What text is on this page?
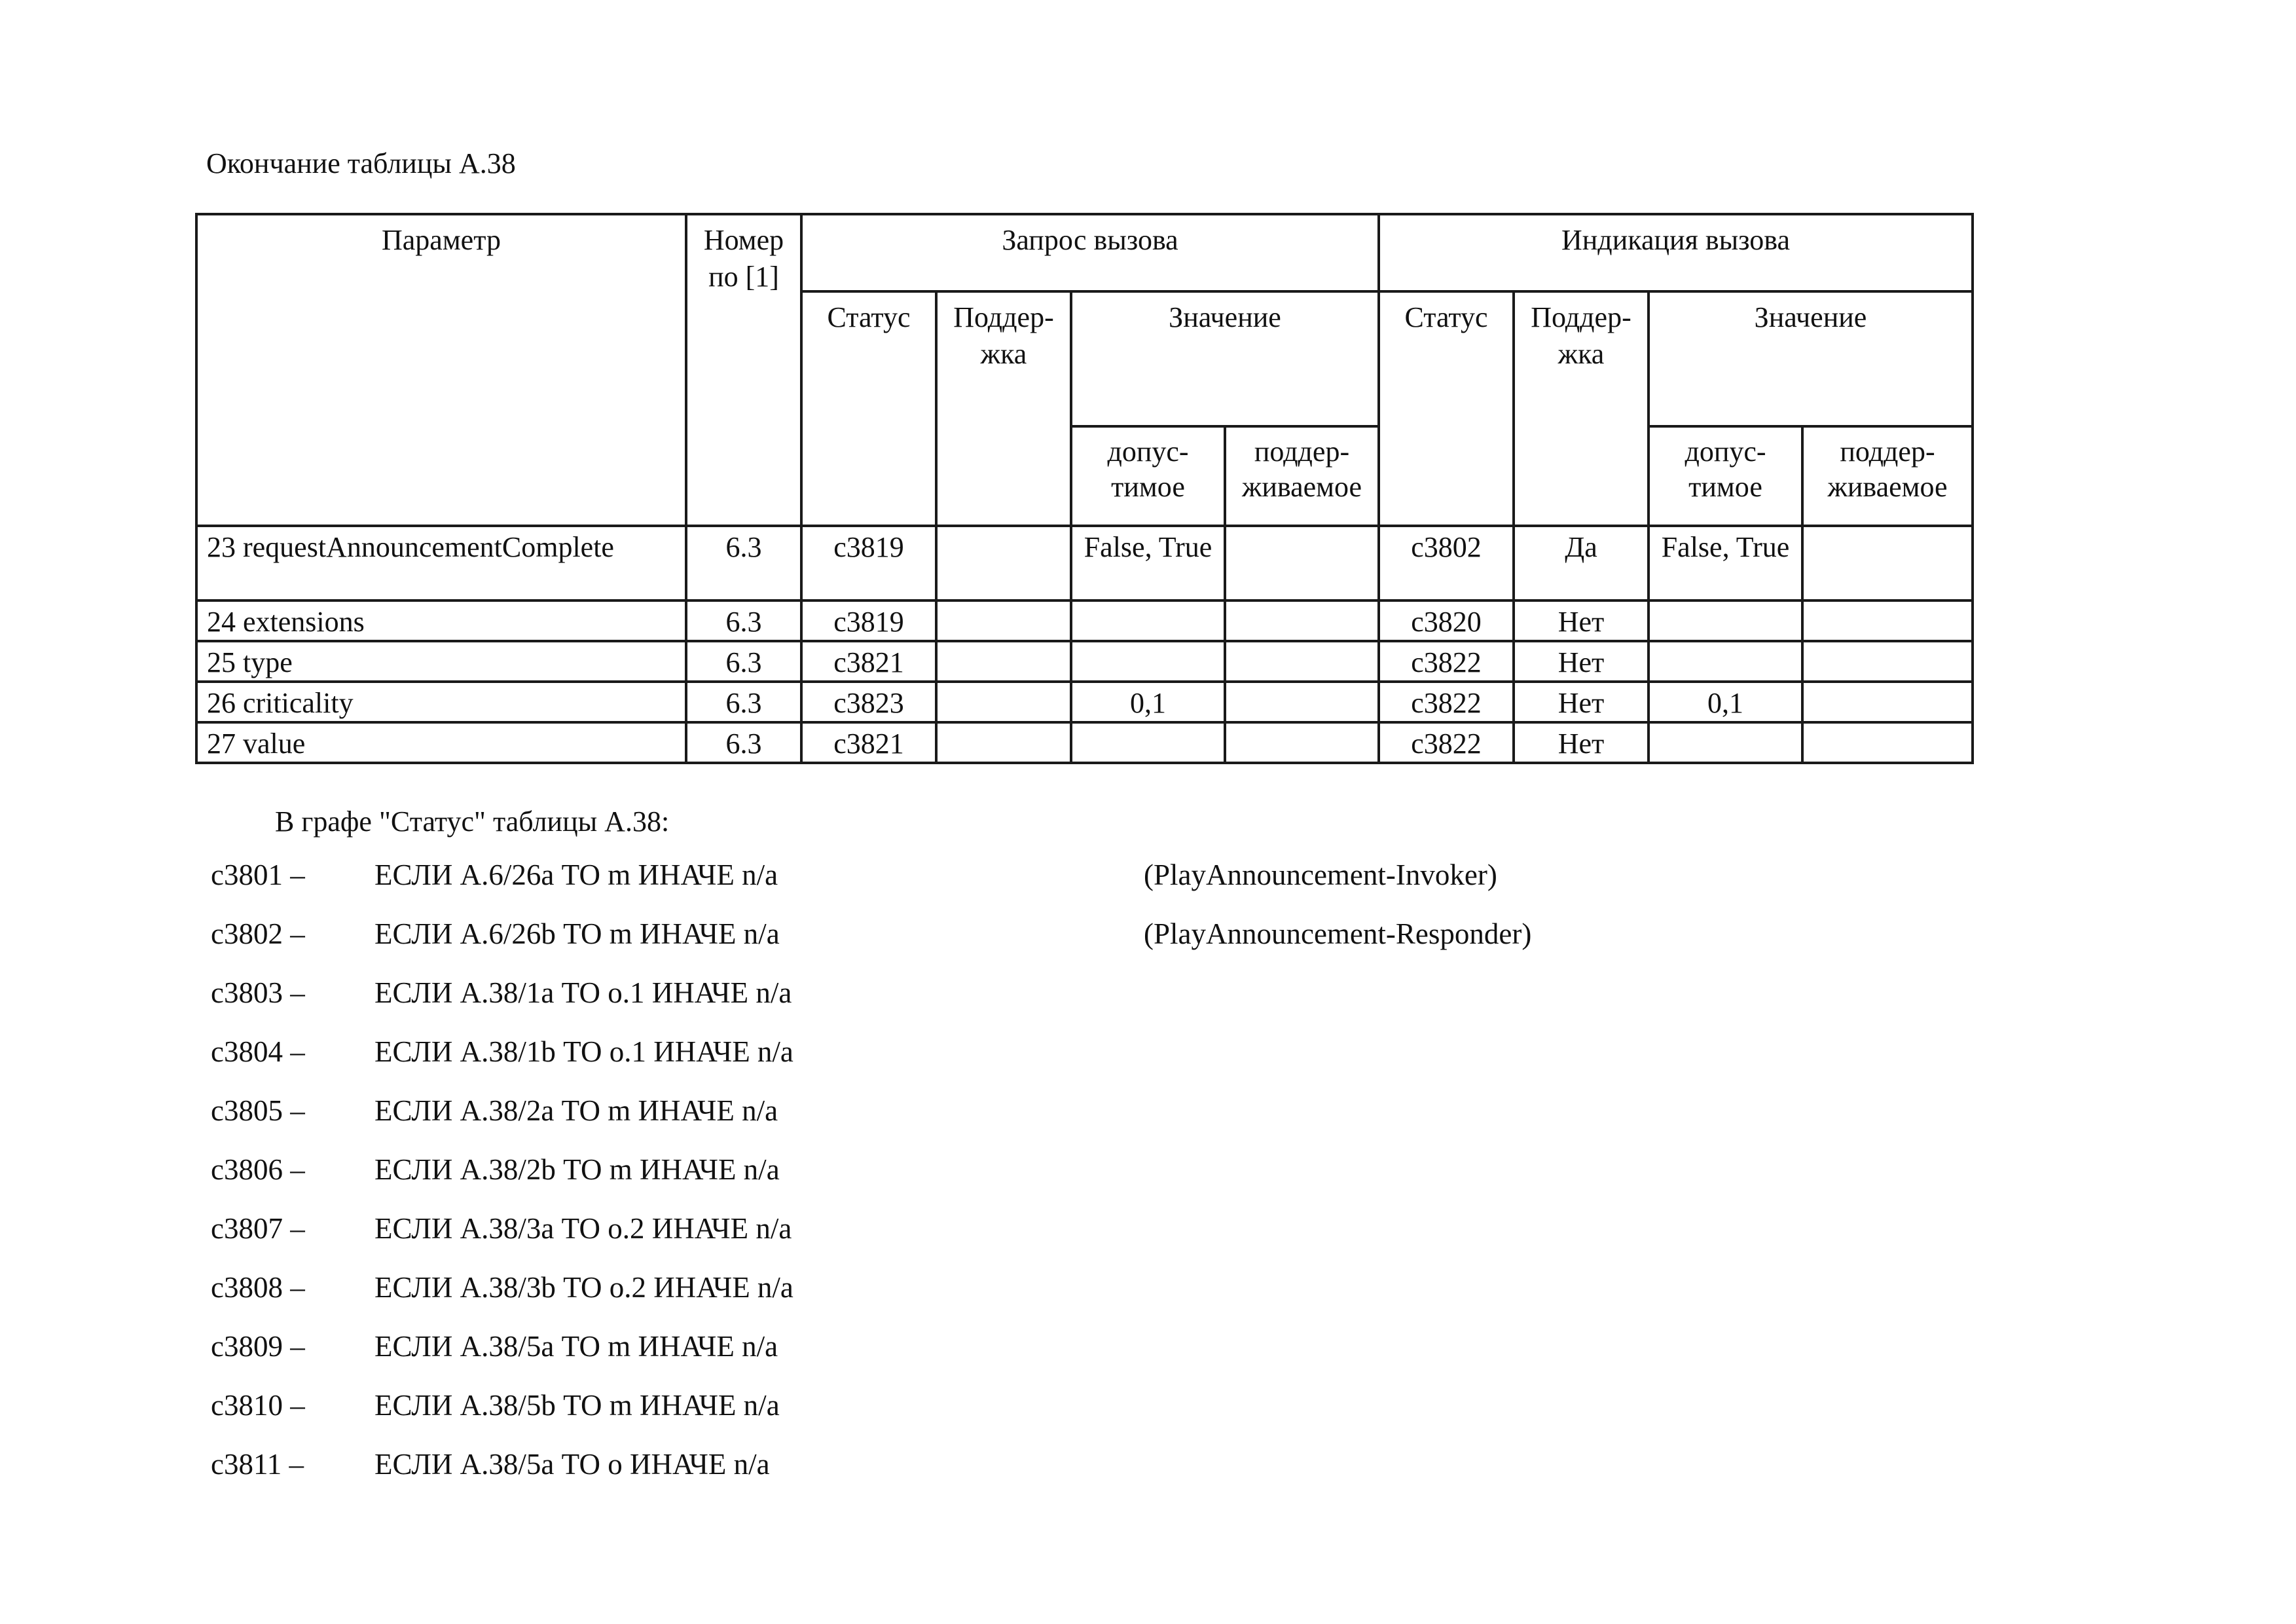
Окончание таблицы А.38
Параметр	Номер по [1]	Запрос вызова				Индикация вызова			
		Статус	Поддер-жка	Значение		Статус	Поддер-жка	Значение	
				допус-тимое	поддер-живаемое			допус-тимое	поддер-живаемое
23 requestAnnouncementComplete	6.3	c3819		False, True		c3802	Да	False, True	
24 extensions	6.3	c3819				c3820	Нет		
25 type	6.3	c3821				c3822	Нет		
26 criticality	6.3	c3823		0,1		c3822	Нет	0,1	
27 value	6.3	c3821				c3822	Нет		
В графе "Статус" таблицы А.38:
c3801 – ЕСЛИ А.6/26a ТО m ИНАЧЕ n/a	(PlayAnnouncement-Invoker)
c3802 – ЕСЛИ А.6/26b ТО m ИНАЧЕ n/a	(PlayAnnouncement-Responder)
c3803 – ЕСЛИ А.38/1a ТО o.1 ИНАЧЕ n/a
c3804 – ЕСЛИ А.38/1b ТО o.1 ИНАЧЕ n/a
c3805 – ЕСЛИ А.38/2a ТО m ИНАЧЕ n/a
c3806 – ЕСЛИ А.38/2b ТО m ИНАЧЕ n/a
c3807 – ЕСЛИ А.38/3a ТО o.2 ИНАЧЕ n/a
c3808 – ЕСЛИ А.38/3b ТО o.2 ИНАЧЕ n/a
c3809 – ЕСЛИ А.38/5a ТО m ИНАЧЕ n/a
c3810 – ЕСЛИ А.38/5b ТО m ИНАЧЕ n/a
c3811 – ЕСЛИ А.38/5a ТО o ИНАЧЕ n/a
